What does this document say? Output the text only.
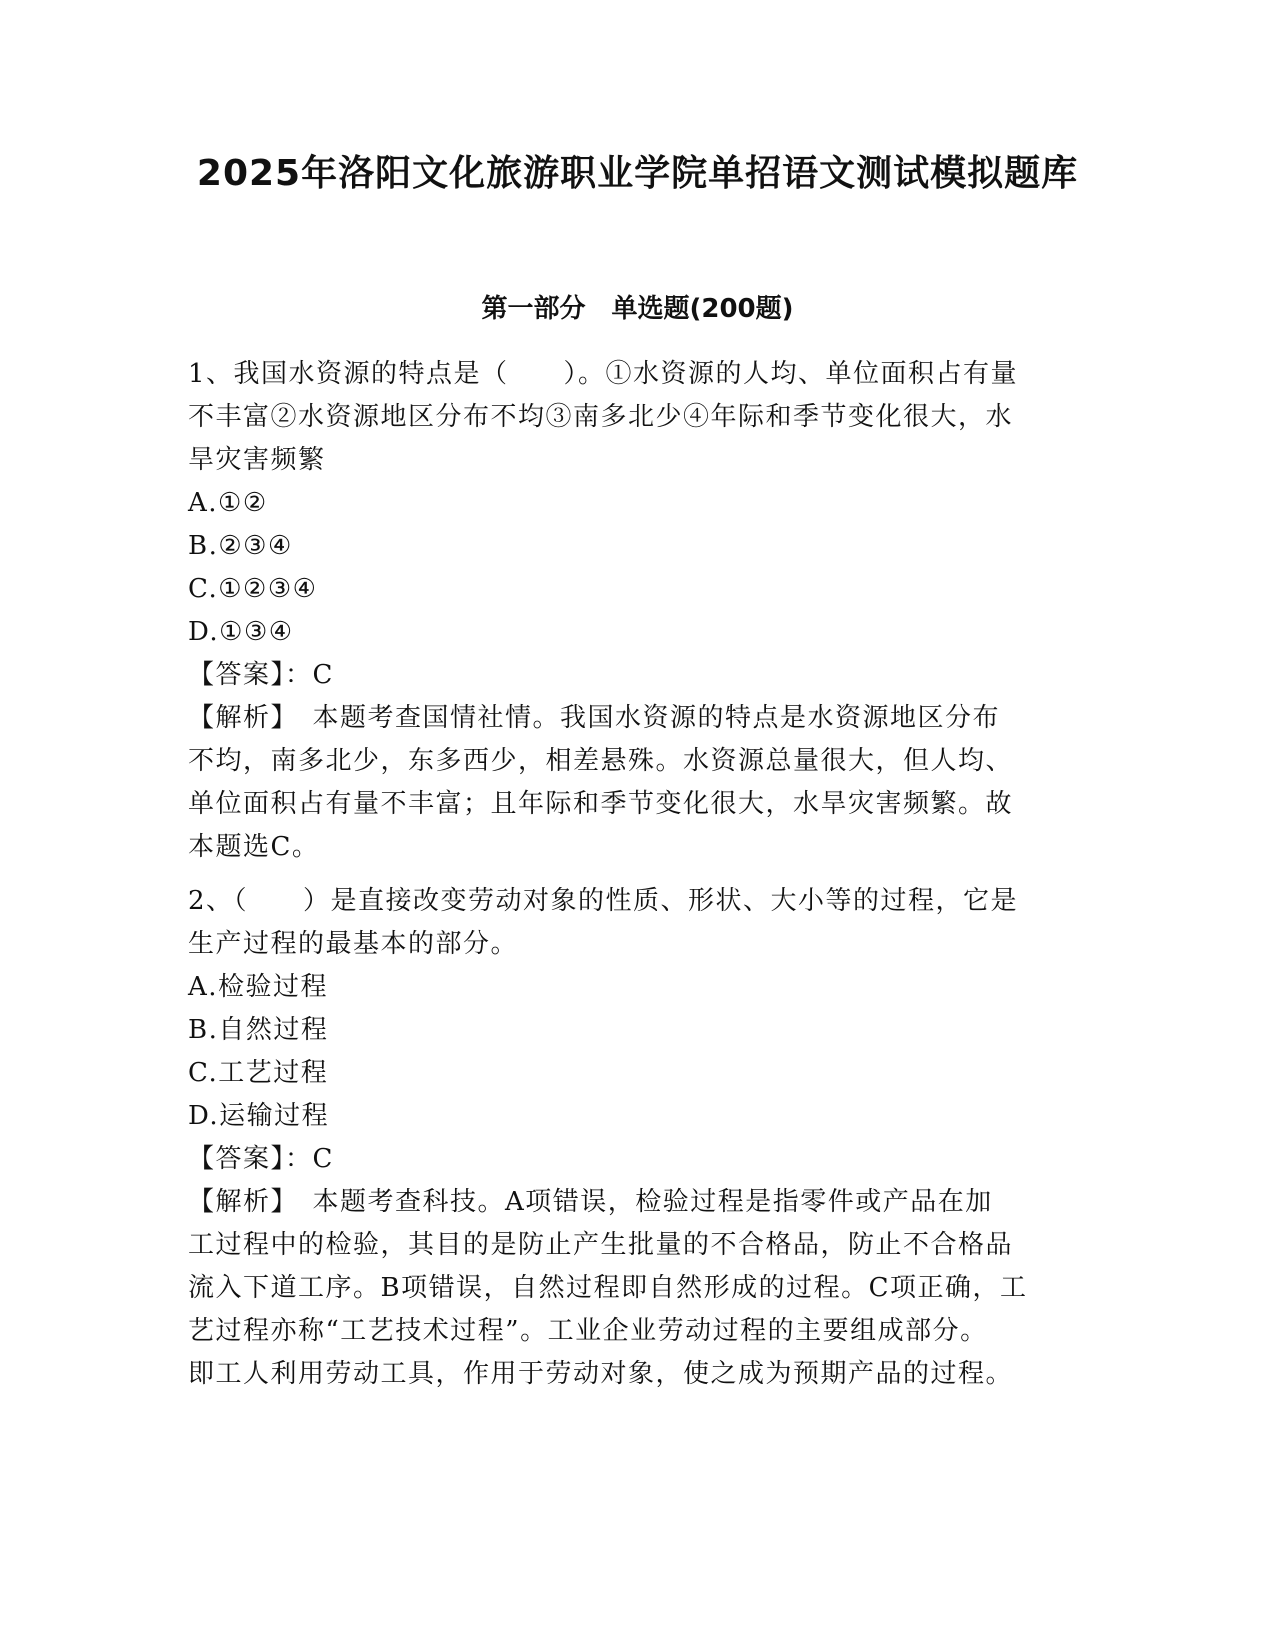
2025年洛阳文化旅游职业学院单招语文测试模拟题库
第一部分　单选题(200题)
1、我国水资源的特点是（　　）。①水资源的人均、单位面积占有量
不丰富②水资源地区分布不均③南多北少④年际和季节变化很大，水
旱灾害频繁
A.①②
B.②③④
C.①②③④
D.①③④
【答案】：C
【解析】　本题考查国情社情。我国水资源的特点是水资源地区分布
不均，南多北少，东多西少，相差悬殊。水资源总量很大，但人均、
单位面积占有量不丰富；且年际和季节变化很大，水旱灾害频繁。故
本题选C。
2、（　　）是直接改变劳动对象的性质、形状、大小等的过程，它是
生产过程的最基本的部分。
A.检验过程
B.自然过程
C.工艺过程
D.运输过程
【答案】：C
【解析】　本题考查科技。A项错误，检验过程是指零件或产品在加
工过程中的检验，其目的是防止产生批量的不合格品，防止不合格品
流入下道工序。B项错误，自然过程即自然形成的过程。C项正确，工
艺过程亦称“工艺技术过程”。工业企业劳动过程的主要组成部分。
即工人利用劳动工具，作用于劳动对象，使之成为预期产品的过程。
